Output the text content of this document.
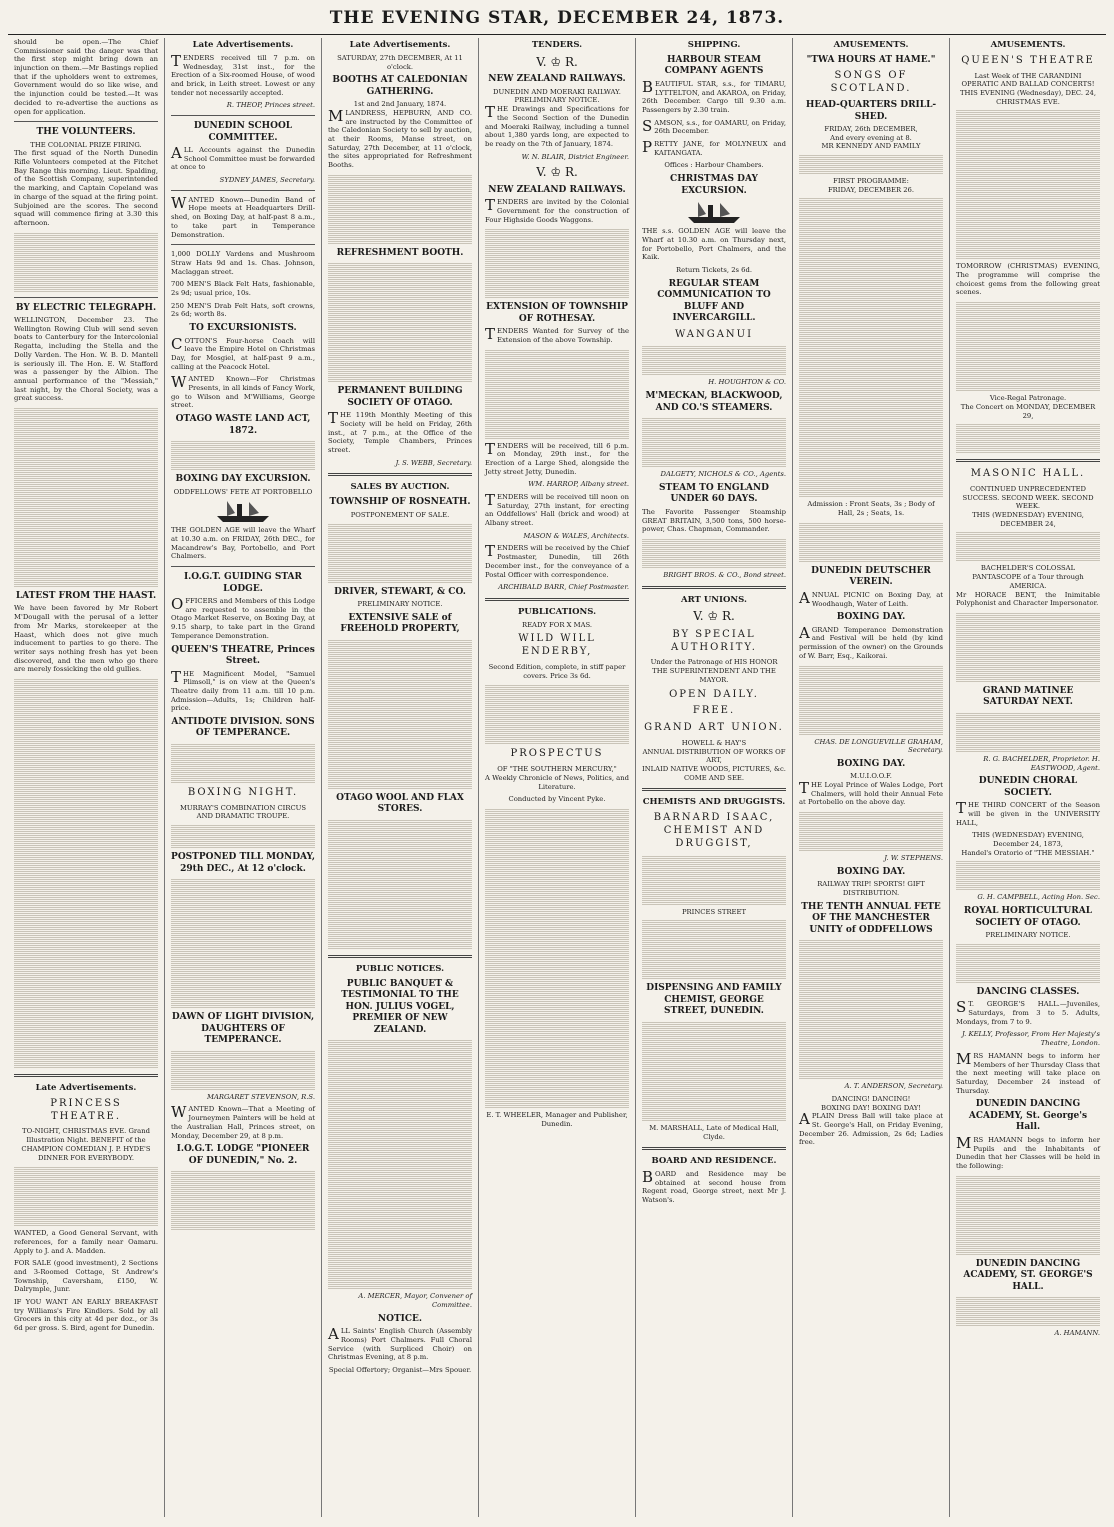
THE EVENING STAR, DECEMBER 24, 1873.

should be open.—The Chief Commissioner said the danger was that the first step might bring down an injunction on them.—Mr Bastings replied that if the upholders went to extremes, Government would do so like wise, and the injunction could be tested.—It was decided to re-advertise the auctions as open for application.

THE VOLUNTEERS.
THE COLONIAL PRIZE FIRING.

The first squad of the North Dunedin Rifle Volunteers competed at the Fitchet Bay Range this morning. Lieut. Spalding, of the Scottish Company, superintended the marking, and Captain Copeland was in charge of the squad at the firing point. Subjoined are the scores. The second squad will commence firing at 3.30 this afternoon.

BY ELECTRIC TELEGRAPH.

WELLINGTON, December 23. The Wellington Rowing Club will send seven boats to Canterbury for the Intercolonial Regatta, including the Stella and the Dolly Varden. The Hon. W. B. D. Mantell is seriously ill. The Hon. E. W. Stafford was a passenger by the Albion. The annual performance of the "Messiah," last night, by the Choral Society, was a great success.

LATEST FROM THE HAAST.

We have been favored by Mr Robert M'Dougall with the perusal of a letter from Mr Marks, storekeeper at the Haast, which does not give much inducement to parties to go there. The writer says nothing fresh has yet been discovered, and the men who go there are merely fossicking the old gullies.

Late Advertisements.
PRINCESS THEATRE.

TO-NIGHT, CHRISTMAS EVE. Grand Illustration Night. BENEFIT of the CHAMPION COMEDIAN J. P. HYDE'S DINNER FOR EVERYBODY.

WANTED, a Good General Servant, with references, for a family near Oamaru. Apply to J. and A. Madden.

FOR SALE (good investment), 2 Sections and 3-Roomed Cottage, St Andrew's Township, Caversham, £150, W. Dalrymple, Junr.

IF YOU WANT AN EARLY BREAKFAST try Williams's Fire Kindlers. Sold by all Grocers in this city at 4d per doz., or 3s 6d per gross. S. Bird, agent for Dunedin.

Late Advertisements.

TENDERS received till 7 p.m. on Wednesday, 31st inst., for the Erection of a Six-roomed House, of wood and brick, in Leith street. Lowest or any tender not necessarily accepted.

R. THEOP, Princes street.

DUNEDIN SCHOOL COMMITTEE.

ALL Accounts against the Dunedin School Committee must be forwarded at once to

SYDNEY JAMES, Secretary.

WANTED Known—Dunedin Band of Hope meets at Headquarters Drill-shed, on Boxing Day, at half-past 8 a.m., to take part in Temperance Demonstration.

1,000 DOLLY Vardens and Mushroom Straw Hats 9d and 1s. Chas. Johnson, Maclaggan street.

700 MEN'S Black Felt Hats, fashionable, 2s 9d; usual price, 10s.

250 MEN'S Drab Felt Hats, soft crowns, 2s 6d; worth 8s.

TO EXCURSIONISTS.

COTTON'S Four-horse Coach will leave the Empire Hotel on Christmas Day, for Mosgiel, at half-past 9 a.m., calling at the Peacock Hotel.

WANTED Known—For Christmas Presents, in all kinds of Fancy Work, go to Wilson and M'Williams, George street.

OTAGO WASTE LAND ACT, 1872.
BOXING DAY EXCURSION.
ODDFELLOWS' FETE AT PORTOBELLO

THE GOLDEN AGE will leave the Wharf at 10.30 a.m. on FRIDAY, 26th DEC., for Macandrew's Bay, Portobello, and Port Chalmers.

I.O.G.T. GUIDING STAR LODGE.

OFFICERS and Members of this Lodge are requested to assemble in the Otago Market Reserve, on Boxing Day, at 9.15 sharp, to take part in the Grand Temperance Demonstration.

QUEEN'S THEATRE, Princes Street.

THE Magnificent Model, "Samuel Plimsoll," is on view at the Queen's Theatre daily from 11 a.m. till 10 p.m. Admission—Adults, 1s; Children half-price.

ANTIDOTE DIVISION. SONS OF TEMPERANCE.
BOXING NIGHT.
MURRAY'S COMBINATION CIRCUS AND DRAMATIC TROUPE.
POSTPONED TILL MONDAY, 29th DEC., At 12 o'clock.
DAWN OF LIGHT DIVISION, DAUGHTERS OF TEMPERANCE.

MARGARET STEVENSON, R.S.

WANTED Known—That a Meeting of Journeymen Painters will be held at the Australian Hall, Princes street, on Monday, December 29, at 8 p.m.

I.O.G.T. LODGE "PIONEER OF DUNEDIN," No. 2.
Late Advertisements.
SATURDAY, 27th DECEMBER, At 11 o'clock.
BOOTHS AT CALEDONIAN GATHERING.
1st and 2nd January, 1874.

MLANDRESS, HEPBURN, AND CO. are instructed by the Committee of the Caledonian Society to sell by auction, at their Rooms, Manse street, on Saturday, 27th December, at 11 o'clock, the sites appropriated for Refreshment Booths.

REFRESHMENT BOOTH.
PERMANENT BUILDING SOCIETY OF OTAGO.

THE 119th Monthly Meeting of this Society will be held on Friday, 26th inst., at 7 p.m., at the Office of the Society, Temple Chambers, Princes street.

J. S. WEBB, Secretary.

SALES BY AUCTION.
TOWNSHIP OF ROSNEATH.
POSTPONEMENT OF SALE.
DRIVER, STEWART, & CO.
PRELIMINARY NOTICE.
EXTENSIVE SALE of FREEHOLD PROPERTY,
OTAGO WOOL AND FLAX STORES.
PUBLIC NOTICES.
PUBLIC BANQUET & TESTIMONIAL TO THE HON. JULIUS VOGEL, PREMIER OF NEW ZEALAND.

A. MERCER, Mayor, Convener of Committee.

NOTICE.

ALL Saints' English Church (Assembly Rooms) Port Chalmers. Full Choral Service (with Surpliced Choir) on Christmas Evening, at 8 p.m.

Special Offertory; Organist—Mrs Spouer.

TENDERS.
V. ♔ R.
NEW ZEALAND RAILWAYS.
DUNEDIN AND MOERAKI RAILWAY.
PRELIMINARY NOTICE.

THE Drawings and Specifications for the Second Section of the Dunedin and Moeraki Railway, including a tunnel about 1,380 yards long, are expected to be ready on the 7th of January, 1874.

W. N. BLAIR, District Engineer.

V. ♔ R.
NEW ZEALAND RAILWAYS.

TENDERS are invited by the Colonial Government for the construction of Four Highside Goods Waggons.

EXTENSION OF TOWNSHIP OF ROTHESAY.

TENDERS Wanted for Survey of the Extension of the above Township.

TENDERS will be received, till 6 p.m. on Monday, 29th inst., for the Erection of a Large Shed, alongside the Jetty street Jetty, Dunedin.

WM. HARROP, Albany street.

TENDERS will be received till noon on Saturday, 27th instant, for erecting an Oddfellows' Hall (brick and wood) at Albany street.

MASON & WALES, Architects.

TENDERS will be received by the Chief Postmaster, Dunedin, till 26th December inst., for the conveyance of a Postal Officer with correspondence.

ARCHIBALD BARR, Chief Postmaster.

PUBLICATIONS.
READY FOR X MAS.
WILD WILL ENDERBY,

Second Edition, complete, in stiff paper covers. Price 3s 6d.

PROSPECTUS
OF "THE SOUTHERN MERCURY,"

A Weekly Chronicle of News, Politics, and Literature.

Conducted by Vincent Pyke.

E. T. WHEELER, Manager and Publisher, Dunedin.

SHIPPING.
HARBOUR STEAM COMPANY AGENTS

BEAUTIFUL STAR, s.s., for TIMARU, LYTTELTON, and AKAROA, on Friday, 26th December. Cargo till 9.30 a.m. Passengers by 2.30 train.

SAMSON, s.s., for OAMARU, on Friday, 26th December.

PRETTY JANE, for MOLYNEUX and KAITANGATA.

Offices : Harbour Chambers.

CHRISTMAS DAY EXCURSION.

THE s.s. GOLDEN AGE will leave the Wharf at 10.30 a.m. on Thursday next, for Portobello, Port Chalmers, and the Kaik.

Return Tickets, 2s 6d.

REGULAR STEAM COMMUNICATION TO BLUFF AND INVERCARGILL.
WANGANUI

H. HOUGHTON & CO.

M'MECKAN, BLACKWOOD, AND CO.'S STEAMERS.

DALGETY, NICHOLS & CO., Agents.

STEAM TO ENGLAND UNDER 60 DAYS.

The Favorite Passenger Steamship GREAT BRITAIN, 3,500 tons, 500 horse-power, Chas. Chapman, Commander.

BRIGHT BROS. & CO., Bond street.

ART UNIONS.
V. ♔ R.
BY SPECIAL AUTHORITY.

Under the Patronage of HIS HONOR THE SUPERINTENDENT AND THE MAYOR.

OPEN DAILY.
FREE.
GRAND ART UNION.
HOWELL & HAY'S
ANNUAL DISTRIBUTION OF WORKS OF ART,
INLAID NATIVE WOODS, PICTURES, &c.
COME AND SEE.
CHEMISTS AND DRUGGISTS.
BARNARD ISAAC, CHEMIST AND DRUGGIST,
PRINCES STREET
DISPENSING AND FAMILY CHEMIST, GEORGE STREET, DUNEDIN.

M. MARSHALL, Late of Medical Hall, Clyde.

BOARD AND RESIDENCE.

BOARD and Residence may be obtained at second house from Regent road, George street, next Mr J. Watson's.

AMUSEMENTS.
"TWA HOURS AT HAME."
SONGS OF SCOTLAND.
HEAD-QUARTERS DRILL-SHED.
FRIDAY, 26th DECEMBER,
And every evening at 8.
MR KENNEDY AND FAMILY
FIRST PROGRAMME:
FRIDAY, DECEMBER 26.

Admission : Front Seats, 3s ; Body of Hall, 2s ; Seats, 1s.

DUNEDIN DEUTSCHER VEREIN.

ANNUAL PICNIC on Boxing Day, at Woodhaugh, Water of Leith.

BOXING DAY.

AGRAND Temperance Demonstration and Festival will be held (by kind permission of the owner) on the Grounds of W. Barr, Esq., Kaikorai.

CHAS. DE LONGUEVILLE GRAHAM, Secretary.

BOXING DAY.
M.U.I.O.O.F.

THE Loyal Prince of Wales Lodge, Port Chalmers, will hold their Annual Fete at Portobello on the above day.

J. W. STEPHENS.

BOXING DAY.
RAILWAY TRIP! SPORTS! GIFT DISTRIBUTION.
THE TENTH ANNUAL FETE OF THE MANCHESTER UNITY of ODDFELLOWS

A. T. ANDERSON, Secretary.

DANCING! DANCING!
BOXING DAY! BOXING DAY!

APLAIN Dress Ball will take place at St. George's Hall, on Friday Evening, December 26. Admission, 2s 6d; Ladies free.

AMUSEMENTS.
QUEEN'S THEATRE
Last Week of THE CARANDINI OPERATIC AND BALLAD CONCERTS!
THIS EVENING (Wednesday), DEC. 24, CHRISTMAS EVE.

TOMORROW (CHRISTMAS) EVENING, The programme will comprise the choicest gems from the following great scenes.

Vice-Regal Patronage.
The Concert on MONDAY, DECEMBER 29,
MASONIC HALL.
CONTINUED UNPRECEDENTED SUCCESS. SECOND WEEK. SECOND WEEK.
THIS (WEDNESDAY) EVENING, DECEMBER 24,
BACHELDER'S COLOSSAL PANTASCOPE of a Tour through AMERICA.

Mr HORACE BENT, the Inimitable Polyphonist and Character Impersonator.

GRAND MATINEE SATURDAY NEXT.

R. G. BACHELDER, Proprietor. H. EASTWOOD, Agent.

DUNEDIN CHORAL SOCIETY.

THE THIRD CONCERT of the Season will be given in the UNIVERSITY HALL,

THIS (WEDNESDAY) EVENING, December 24, 1873,
Handel's Oratorio of "THE MESSIAH."

G. H. CAMPBELL, Acting Hon. Sec.

ROYAL HORTICULTURAL SOCIETY OF OTAGO.
PRELIMINARY NOTICE.
DANCING CLASSES.

ST. GEORGE'S HALL.—Juveniles, Saturdays, from 3 to 5. Adults, Mondays, from 7 to 9.

J. KELLY, Professor, From Her Majesty's Theatre, London.

MRS HAMANN begs to inform her Members of her Thursday Class that the next meeting will take place on Saturday, December 24 instead of Thursday.

DUNEDIN DANCING ACADEMY, St. George's Hall.

MRS HAMANN begs to inform her Pupils and the Inhabitants of Dunedin that her Classes will be held in the following:

DUNEDIN DANCING ACADEMY, ST. GEORGE'S HALL.

A. HAMANN.
